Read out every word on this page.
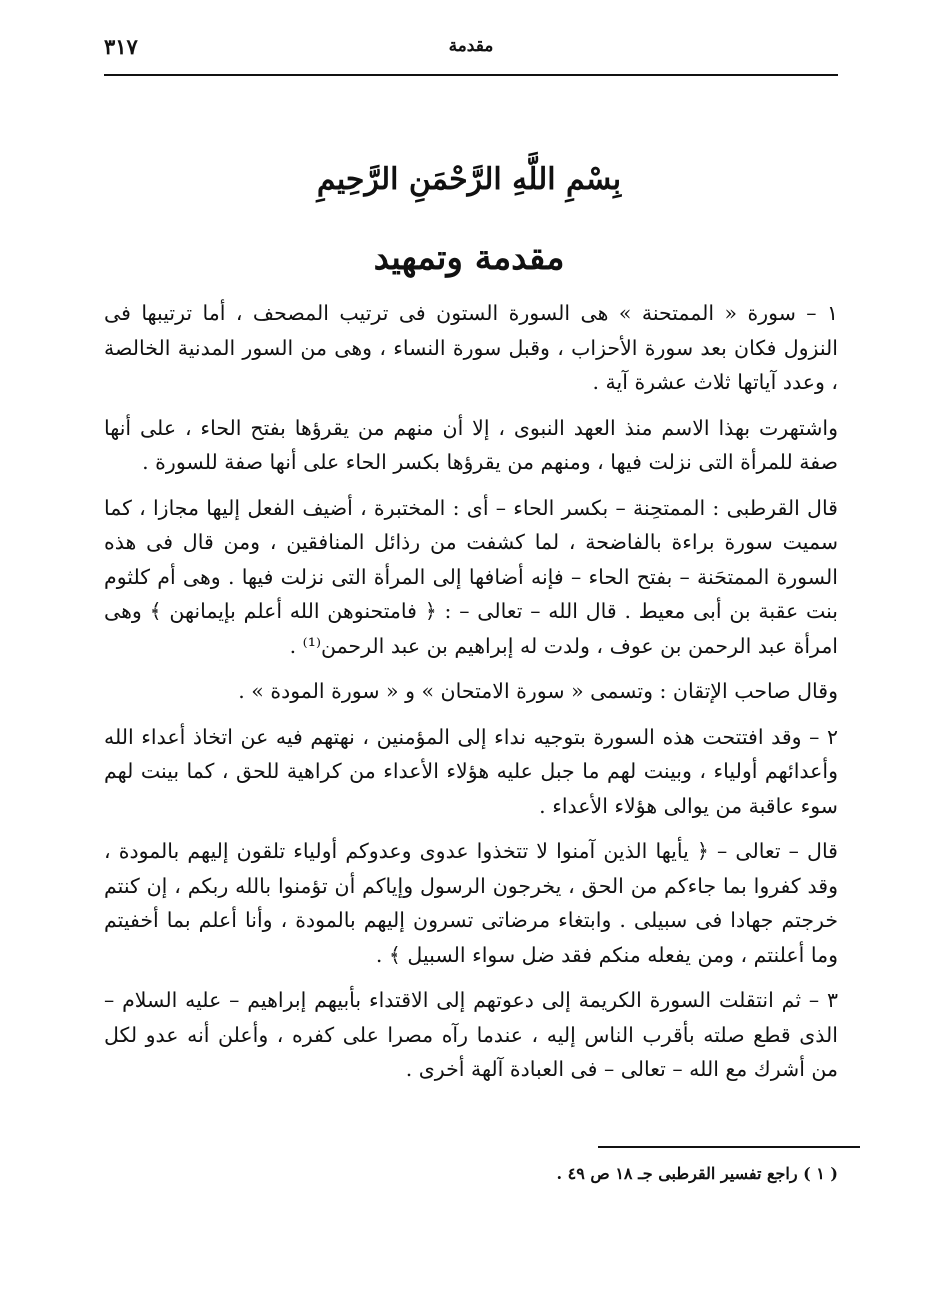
٣١٧	مقدمة
بِسْمِ اللَّهِ الرَّحْمَنِ الرَّحِيمِ
مقدمة وتمهيد

١ – سورة « الممتحنة » هى السورة الستون فى ترتيب المصحف ، أما ترتيبها فى النزول فكان بعد سورة الأحزاب ، وقبل سورة النساء ، وهى من السور المدنية الخالصة ، وعدد آياتها ثلاث عشرة آية .

واشتهرت بهذا الاسم منذ العهد النبوى ، إلا أن منهم من يقرؤها بفتح الحاء ، على أنها صفة للمرأة التى نزلت فيها ، ومنهم من يقرؤها بكسر الحاء على أنها صفة للسورة .

قال القرطبى : الممتحِنة – بكسر الحاء – أى : المختبرة ، أضيف الفعل إليها مجازا ، كما سميت سورة براءة بالفاضحة ، لما كشفت من رذائل المنافقين ، ومن قال فى هذه السورة الممتحَنة – بفتح الحاء – فإنه أضافها إلى المرأة التى نزلت فيها . وهى أم كلثوم بنت عقبة بن أبى معيط . قال الله – تعالى – : ﴿ فامتحنوهن الله أعلم بإيمانهن ﴾ وهى امرأة عبد الرحمن بن عوف ، ولدت له إبراهيم بن عبد الرحمن⁽¹⁾ .

وقال صاحب الإتقان : وتسمى « سورة الامتحان » و « سورة المودة » .

٢ – وقد افتتحت هذه السورة بتوجيه نداء إلى المؤمنين ، نهتهم فيه عن اتخاذ أعداء الله وأعدائهم أولياء ، وبينت لهم ما جبل عليه هؤلاء الأعداء من كراهية للحق ، كما بينت لهم سوء عاقبة من يوالى هؤلاء الأعداء .

قال – تعالى – ﴿ يأيها الذين آمنوا لا تتخذوا عدوى وعدوكم أولياء تلقون إليهم بالمودة ، وقد كفروا بما جاءكم من الحق ، يخرجون الرسول وإياكم أن تؤمنوا بالله ربكم ، إن كنتم خرجتم جهادا فى سبيلى . وابتغاء مرضاتى تسرون إليهم بالمودة ، وأنا أعلم بما أخفيتم وما أعلنتم ، ومن يفعله منكم فقد ضل سواء السبيل ﴾ .

٣ – ثم انتقلت السورة الكريمة إلى دعوتهم إلى الاقتداء بأبيهم إبراهيم – عليه السلام – الذى قطع صلته بأقرب الناس إليه ، عندما رآه مصرا على كفره ، وأعلن أنه عدو لكل من أشرك مع الله – تعالى – فى العبادة آلهة أخرى .

( ١ ) راجع تفسير القرطبى جـ ١٨ ص ٤٩ .
